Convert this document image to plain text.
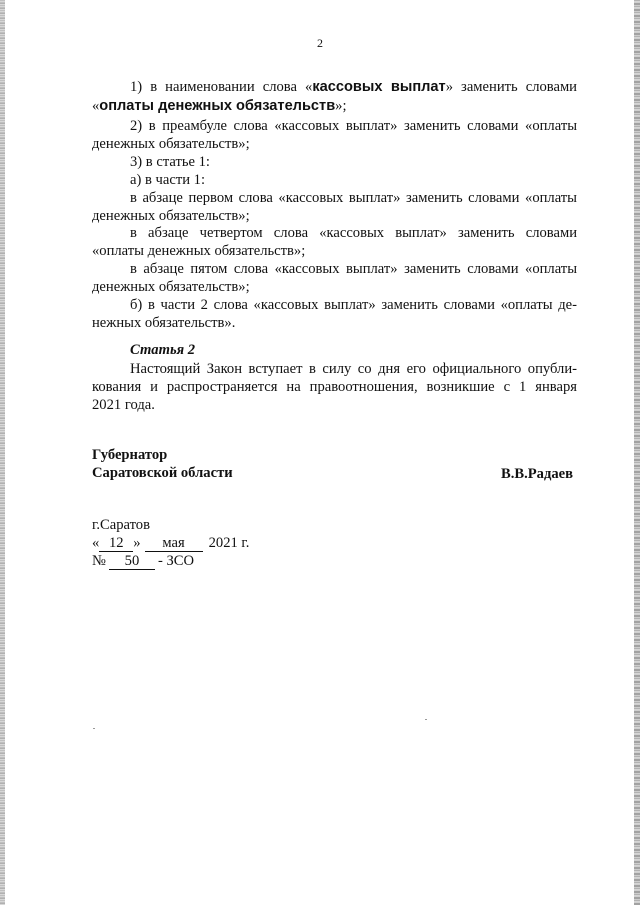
2
1) в наименовании слова «кассовых выплат» заменить словами
«оплаты денежных обязательств»;
2) в преамбуле слова «кассовых выплат» заменить словами «оплаты
денежных обязательств»;
3) в статье 1:
а) в части 1:
в абзаце первом слова «кассовых выплат» заменить словами «оплаты
денежных обязательств»;
в абзаце четвертом слова «кассовых выплат» заменить словами
«оплаты денежных обязательств»;
в абзаце пятом слова «кассовых выплат» заменить словами «оплаты
денежных обязательств»;
б) в части 2 слова «кассовых выплат» заменить словами «оплаты де-
нежных обязательств».
Статья 2
Настоящий Закон вступает в силу со дня его официального опубли-
кования и распространяется на правоотношения, возникшие с 1 января
2021 года.
Губернатор
Саратовской области	В.В.Радаев
г.Саратов
« 12 » мая 2021 г.
№ 50 - ЗСО
